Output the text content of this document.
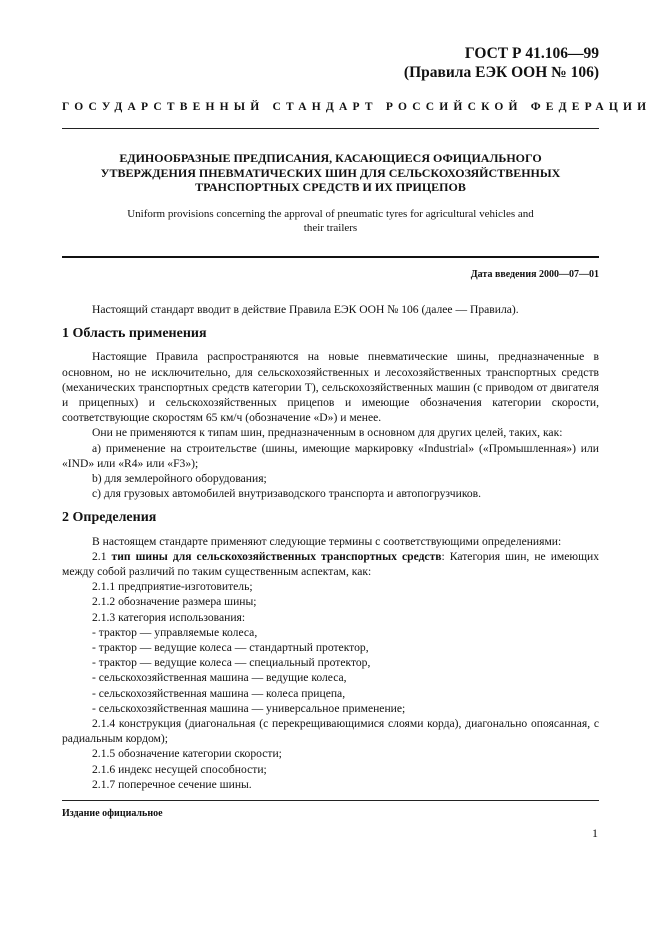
ГОСТ Р 41.106—99
(Правила ЕЭК ООН № 106)
ГОСУДАРСТВЕННЫЙ СТАНДАРТ РОССИЙСКОЙ ФЕДЕРАЦИИ
ЕДИНООБРАЗНЫЕ ПРЕДПИСАНИЯ, КАСАЮЩИЕСЯ ОФИЦИАЛЬНОГО УТВЕРЖДЕНИЯ ПНЕВМАТИЧЕСКИХ ШИН ДЛЯ СЕЛЬСКОХОЗЯЙСТВЕННЫХ ТРАНСПОРТНЫХ СРЕДСТВ И ИХ ПРИЦЕПОВ
Uniform provisions concerning the approval of pneumatic tyres for agricultural vehicles and their trailers
Дата введения 2000—07—01

Настоящий стандарт вводит в действие Правила ЕЭК ООН № 106 (далее — Правила).

1 Область применения

Настоящие Правила распространяются на новые пневматические шины, предназначенные в основном, но не исключительно, для сельскохозяйственных и лесохозяйственных транспортных средств (механических транспортных средств категории Т), сельскохозяйственных машин (с приводом от двигателя и прицепных) и сельскохозяйственных прицепов и имеющие обозначения категории скорости, соответствующие скоростям 65 км/ч (обозначение «D») и менее.

Они не применяются к типам шин, предназначенным в основном для других целей, таких, как:

а) применение на строительстве (шины, имеющие маркировку «Industrial» («Промышленная») или «IND» или «R4» или «F3»);

b) для землеройного оборудования;

c) для грузовых автомобилей внутризаводского транспорта и автопогрузчиков.

2 Определения

В настоящем стандарте применяют следующие термины с соответствующими определениями:

2.1 тип шины для сельскохозяйственных транспортных средств: Категория шин, не имеющих между собой различий по таким существенным аспектам, как:

2.1.1 предприятие-изготовитель;

2.1.2 обозначение размера шины;

2.1.3 категория использования:

- трактор — управляемые колеса,

- трактор — ведущие колеса — стандартный протектор,

- трактор — ведущие колеса — специальный протектор,

- сельскохозяйственная машина — ведущие колеса,

- сельскохозяйственная машина — колеса прицепа,

- сельскохозяйственная машина — универсальное применение;

2.1.4 конструкция (диагональная (с перекрещивающимися слоями корда), диагонально опоясанная, с радиальным кордом);

2.1.5 обозначение категории скорости;

2.1.6 индекс несущей способности;

2.1.7 поперечное сечение шины.

Издание официальное
1
